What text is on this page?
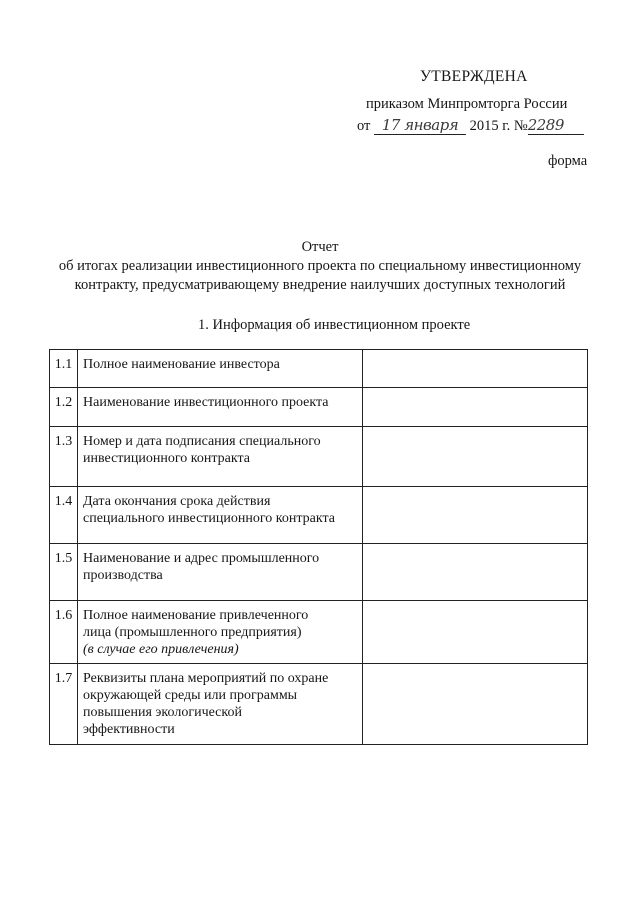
УТВЕРЖДЕНА
приказом Минпромторга России
от 17 января 2015 г. №2289
форма
Отчет
об итогах реализации инвестиционного проекта по специальному инвестиционному
контракту, предусматривающему внедрение наилучших доступных технологий
1. Информация об инвестиционном проекте
1.1	Полное наименование инвестора	

1.2	Наименование инвестиционного проекта	

1.3	Номер и дата подписания специального
инвестиционного контракта	

1.4	Дата окончания срока действия
специального инвестиционного контракта	

1.5	Наименование и адрес промышленного
производства	

1.6	Полное наименование привлеченного
лица (промышленного предприятия)
(в случае его привлечения)	

1.7	Реквизиты плана мероприятий по охране
окружающей среды или программы
повышения экологической
эффективности	
